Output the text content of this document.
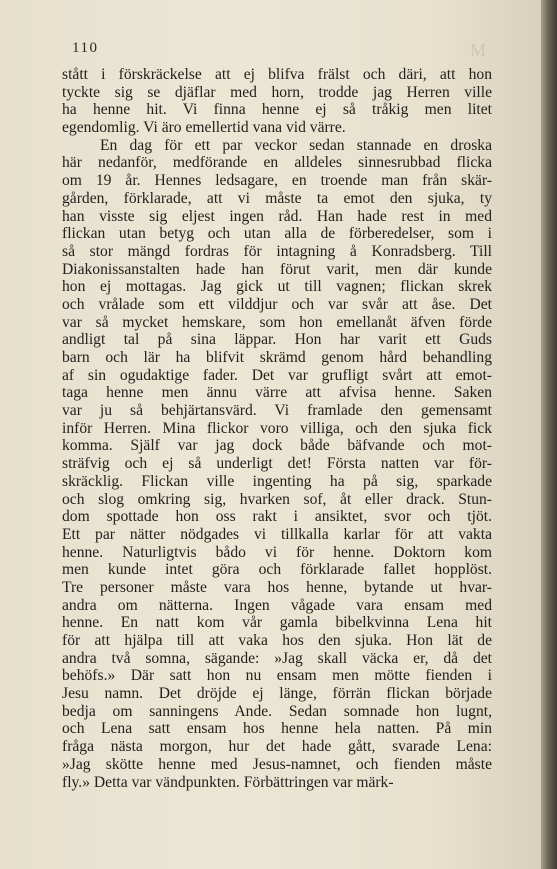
M
110
stått i förskräckelse att ej blifva frälst och däri, att hon
tyckte sig se djäflar med horn, trodde jag Herren ville
ha henne hit. Vi finna henne ej så tråkig men litet
egendomlig. Vi äro emellertid vana vid värre.
En dag för ett par veckor sedan stannade en droska
här nedanför, medförande en alldeles sinnesrubbad flicka
om 19 år. Hennes ledsagare, en troende man från skär-
gården, förklarade, att vi måste ta emot den sjuka, ty
han visste sig eljest ingen råd. Han hade rest in med
flickan utan betyg och utan alla de förberedelser, som i
så stor mängd fordras för intagning å Konradsberg. Till
Diakonissanstalten hade han förut varit, men där kunde
hon ej mottagas. Jag gick ut till vagnen; flickan skrek
och vrålade som ett vilddjur och var svår att åse. Det
var så mycket hemskare, som hon emellanåt äfven förde
andligt tal på sina läppar. Hon har varit ett Guds
barn och lär ha blifvit skrämd genom hård behandling
af sin ogudaktige fader. Det var grufligt svårt att emot-
taga henne men ännu värre att afvisa henne. Saken
var ju så behjärtansvärd. Vi framlade den gemensamt
inför Herren. Mina flickor voro villiga, och den sjuka fick
komma. Själf var jag dock både bäfvande och mot-
sträfvig och ej så underligt det! Första natten var för-
skräcklig. Flickan ville ingenting ha på sig, sparkade
och slog omkring sig, hvarken sof, åt eller drack. Stun-
dom spottade hon oss rakt i ansiktet, svor och tjöt.
Ett par nätter nödgades vi tillkalla karlar för att vakta
henne. Naturligtvis bådo vi för henne. Doktorn kom
men kunde intet göra och förklarade fallet hopplöst.
Tre personer måste vara hos henne, bytande ut hvar-
andra om nätterna. Ingen vågade vara ensam med
henne. En natt kom vår gamla bibelkvinna Lena hit
för att hjälpa till att vaka hos den sjuka. Hon lät de
andra två somna, sägande: »Jag skall väcka er, då det
behöfs.» Där satt hon nu ensam men mötte fienden i
Jesu namn. Det dröjde ej länge, förrän flickan började
bedja om sanningens Ande. Sedan somnade hon lugnt,
och Lena satt ensam hos henne hela natten. På min
fråga nästa morgon, hur det hade gått, svarade Lena:
»Jag skötte henne med Jesus-namnet, och fienden måste
fly.» Detta var vändpunkten. Förbättringen var märk-
